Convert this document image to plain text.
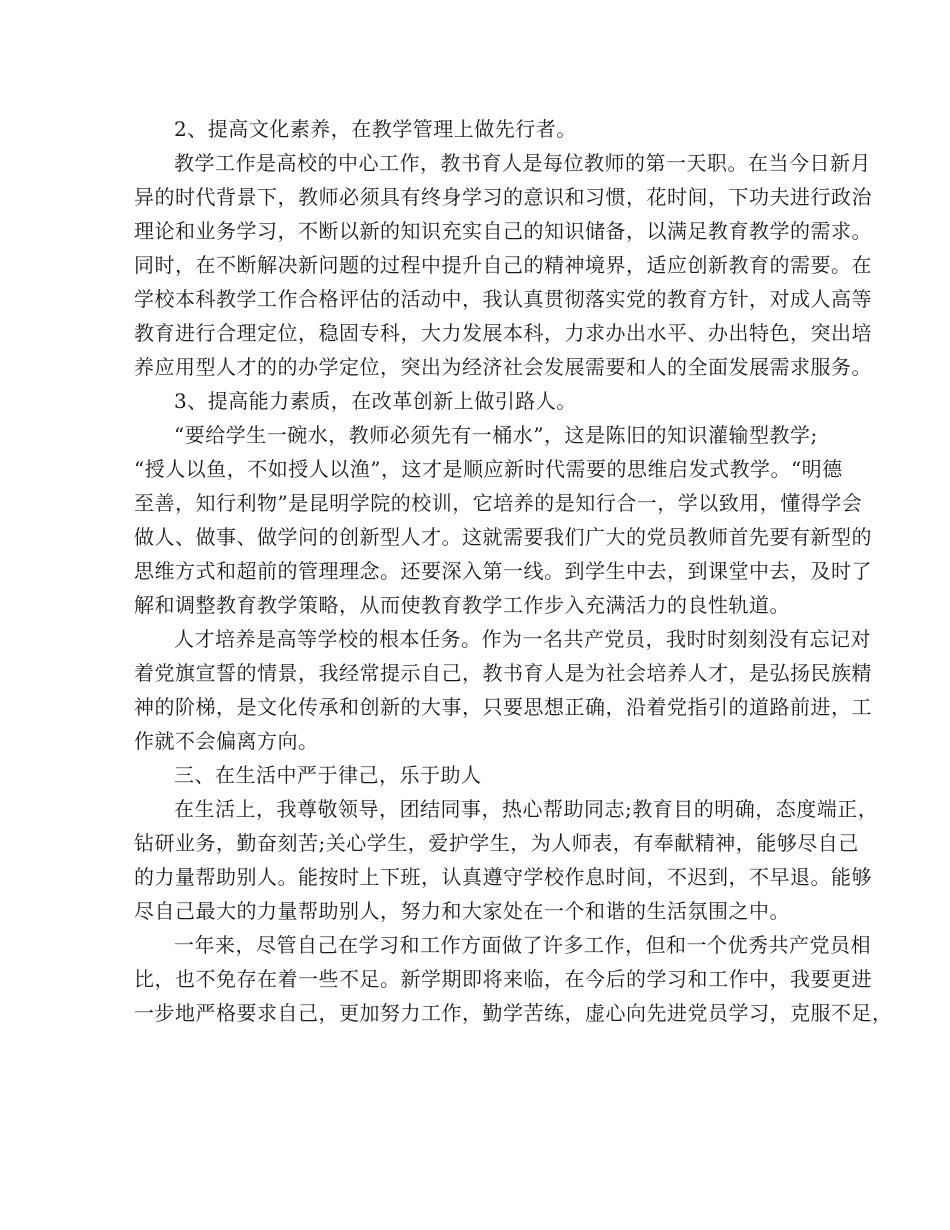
2、提高文化素养，在教学管理上做先行者。

教学工作是高校的中心工作，教书育人是每位教师的第一天职。在当今日新月

异的时代背景下，教师必须具有终身学习的意识和习惯，花时间，下功夫进行政治

理论和业务学习，不断以新的知识充实自己的知识储备，以满足教育教学的需求。

同时，在不断解决新问题的过程中提升自己的精神境界，适应创新教育的需要。在

学校本科教学工作合格评估的活动中，我认真贯彻落实党的教育方针，对成人高等

教育进行合理定位，稳固专科，大力发展本科，力求办出水平、办出特色，突出培

养应用型人才的的办学定位，突出为经济社会发展需要和人的全面发展需求服务。

3、提高能力素质，在改革创新上做引路人。

“要给学生一碗水，教师必须先有一桶水”，这是陈旧的知识灌输型教学;

“授人以鱼，不如授人以渔”，这才是顺应新时代需要的思维启发式教学。“明德

至善，知行利物”是昆明学院的校训，它培养的是知行合一，学以致用，懂得学会

做人、做事、做学问的创新型人才。这就需要我们广大的党员教师首先要有新型的

思维方式和超前的管理理念。还要深入第一线。到学生中去，到课堂中去，及时了

解和调整教育教学策略，从而使教育教学工作步入充满活力的良性轨道。

人才培养是高等学校的根本任务。作为一名共产党员，我时时刻刻没有忘记对

着党旗宣誓的情景，我经常提示自己，教书育人是为社会培养人才，是弘扬民族精

神的阶梯，是文化传承和创新的大事，只要思想正确，沿着党指引的道路前进，工

作就不会偏离方向。

三、在生活中严于律己，乐于助人

在生活上，我尊敬领导，团结同事，热心帮助同志;教育目的明确，态度端正，

钻研业务，勤奋刻苦;关心学生，爱护学生，为人师表，有奉献精神，能够尽自己

的力量帮助别人。能按时上下班，认真遵守学校作息时间，不迟到，不早退。能够

尽自己最大的力量帮助别人，努力和大家处在一个和谐的生活氛围之中。

一年来，尽管自己在学习和工作方面做了许多工作，但和一个优秀共产党员相

比，也不免存在着一些不足。新学期即将来临，在今后的学习和工作中，我要更进

一步地严格要求自己，更加努力工作，勤学苦练，虚心向先进党员学习，克服不足，
